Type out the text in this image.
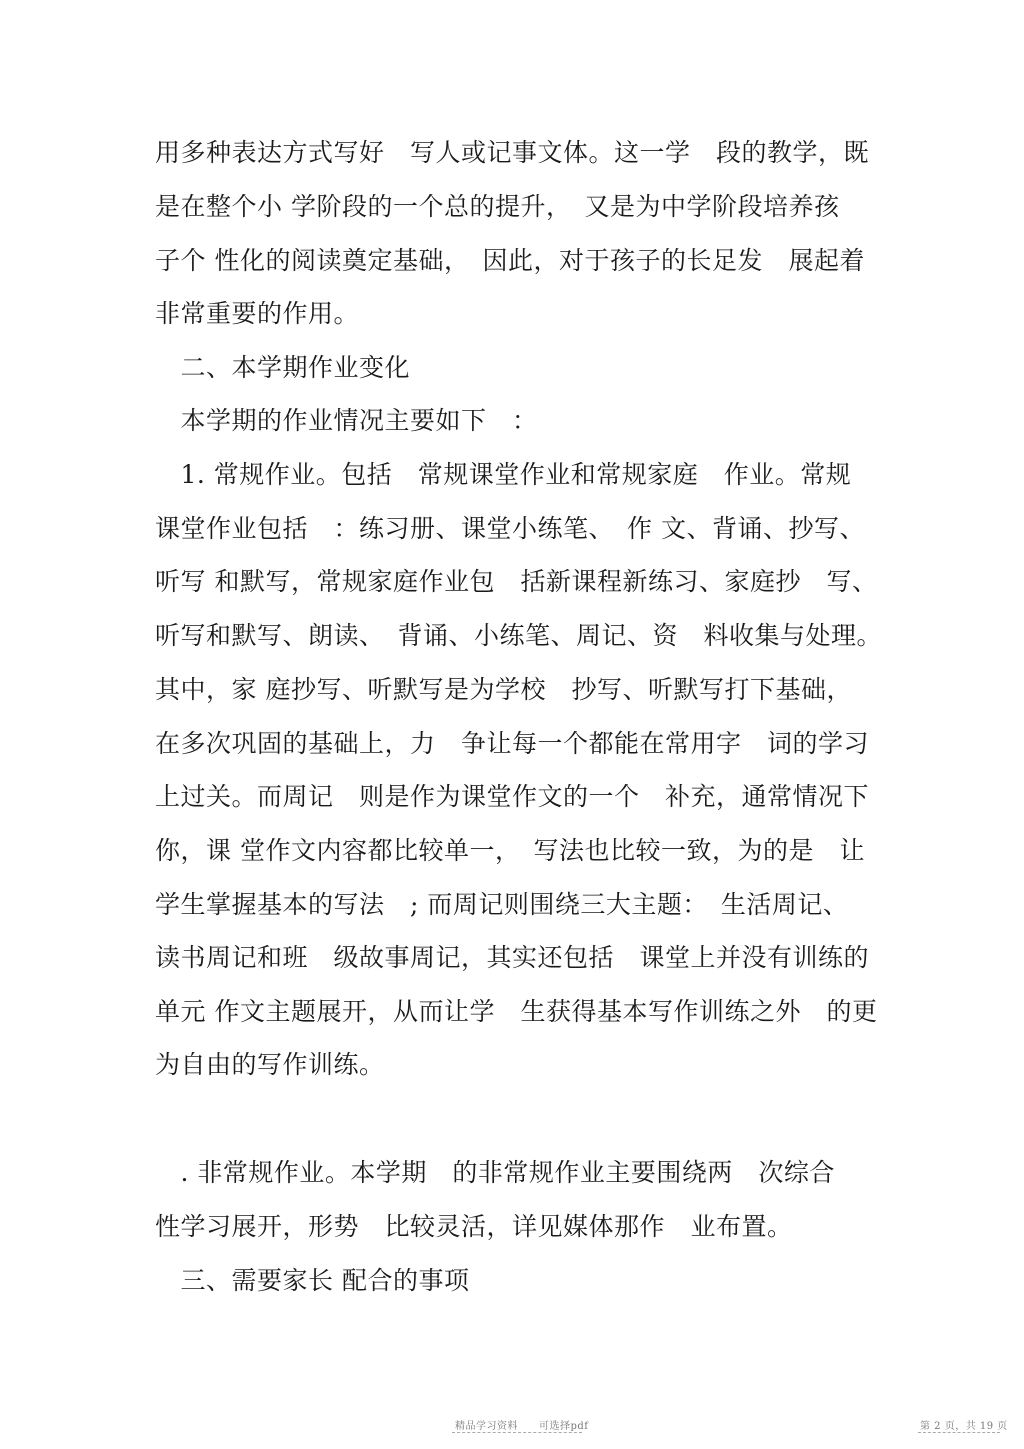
用多种表达方式写好　写人或记事文体。这一学　段的教学，既
是在整个小 学阶段的一个总的提升，　又是为中学阶段培养孩
子个 性化的阅读奠定基础，　因此，对于孩子的长足发　展起着
非常重要的作用。
　二、本学期作业变化
　本学期的作业情况主要如下　：
　1. 常规作业。包括　常规课堂作业和常规家庭　作业。常规
课堂作业包括　：练习册、课堂小练笔、　作 文、背诵、抄写、
听写 和默写，常规家庭作业包　括新课程新练习、家庭抄　写、
听写和默写、朗读、　背诵、小练笔、周记、资　料收集与处理。
其中，家 庭抄写、听默写是为学校　抄写、听默写打下基础，
在多次巩固的基础上，力　争让每一个都能在常用字　词的学习
上过关。而周记　则是作为课堂作文的一个　补充，通常情况下
你，课 堂作文内容都比较单一，　写法也比较一致，为的是　让
学生掌握基本的写法　; 而周记则围绕三大主题：　生活周记、
读书周记和班　级故事周记，其实还包括　课堂上并没有训练的
单元 作文主题展开，从而让学　生获得基本写作训练之外　的更
为自由的写作训练。
　. 非常规作业。本学期　的非常规作业主要围绕两　次综合
性学习展开，形势　比较灵活，详见媒体那作　业布置。
　三、需要家长 配合的事项
精品学习资料　　可选择pdf	第 2 页，共 19 页
